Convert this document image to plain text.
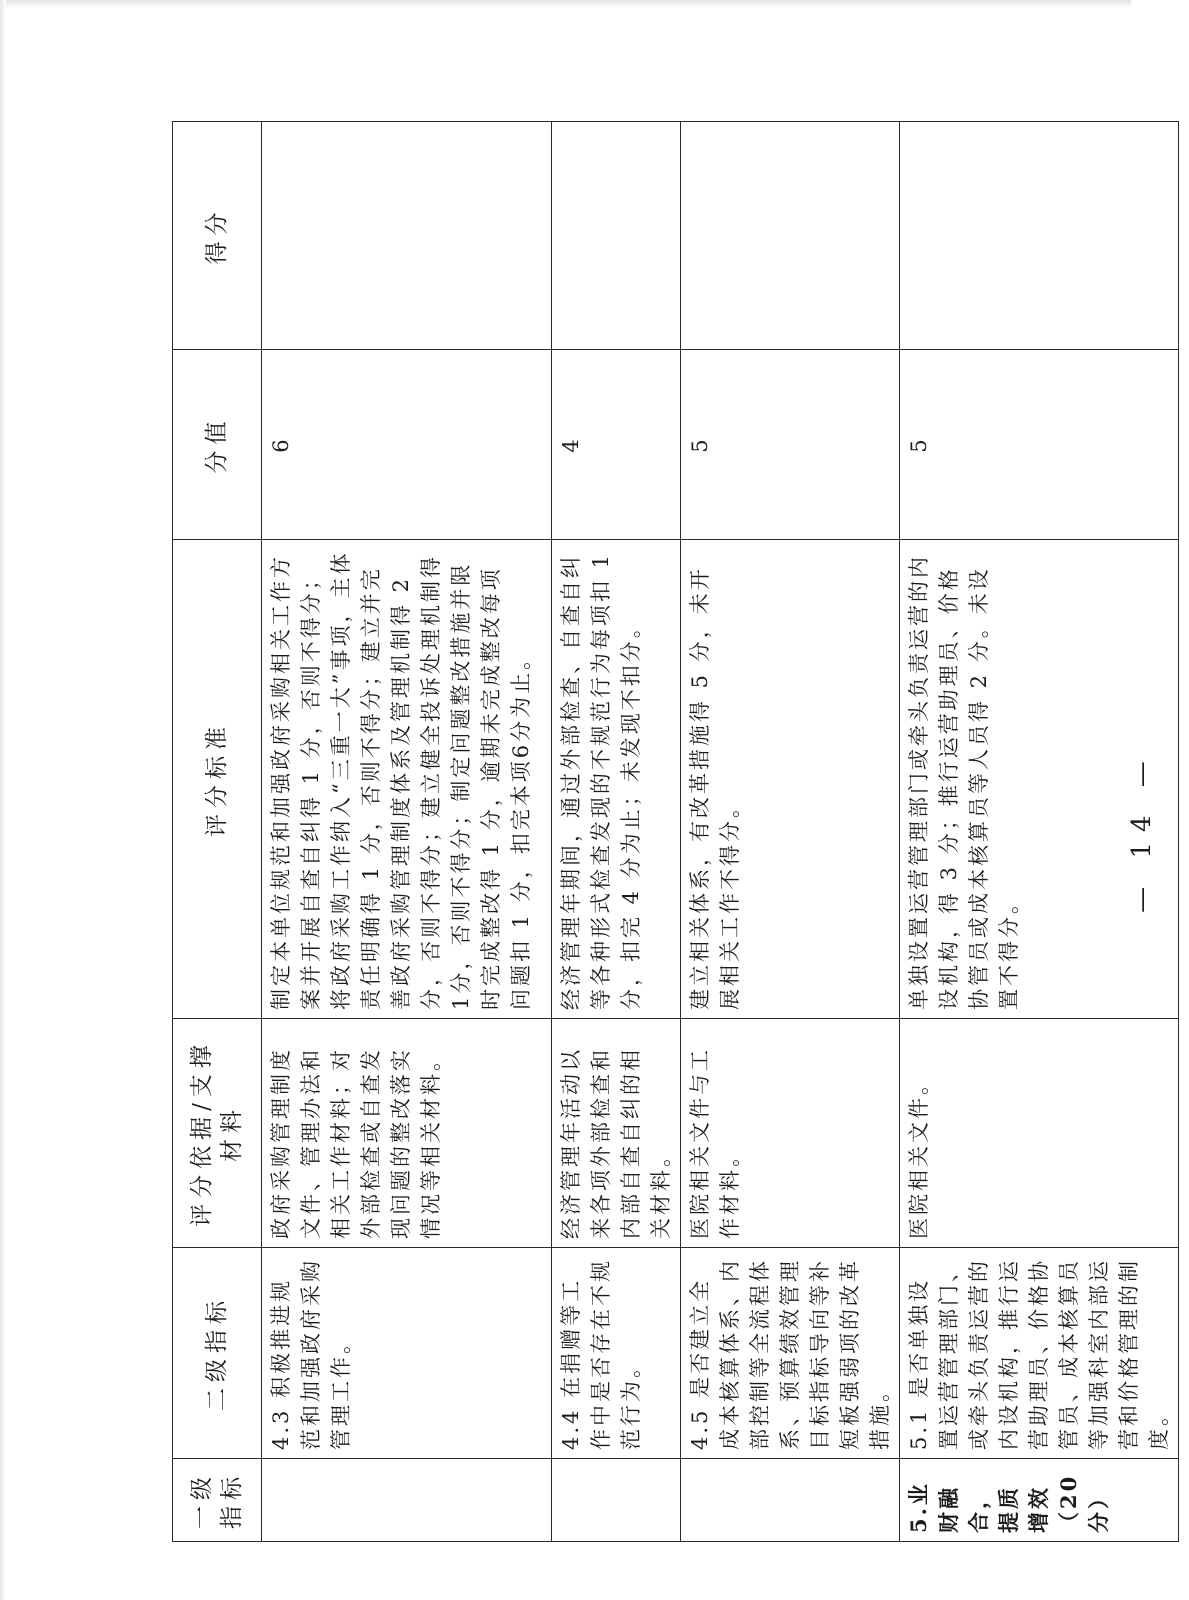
一级指标	二级指标	评分依据/支撑材料	评分标准	分值	得分
	4.3 积极推进规范和加强政府采购管理工作。	政府采购管理制度文件、管理办法和相关工作材料；对外部检查或自查发现问题的整改落实情况等相关材料。	制定本单位规范和加强政府采购相关工作方案并开展自查自纠得 1 分，否则不得分；将政府采购工作纳入“三重一大”事项，主体责任明确得 1 分，否则不得分；建立并完善政府采购管理制度体系及管理机制得 2 分，否则不得分；建立健全投诉处理机制得 1分，否则不得分；制定问题整改措施并限时完成整改得 1 分，逾期未完成整改每项问题扣 1 分，扣完本项6分为止。	6	
	4.4 在捐赠等工作中是否存在不规范行为。	经济管理年活动以来各项外部检查和内部自查自纠的相关材料。	经济管理年期间，通过外部检查、自查自纠等各种形式检查发现的不规范行为每项扣 1 分，扣完 4 分为止；未发现不扣分。	4	
	4.5 是否建立全成本核算体系、内部控制等全流程体系、预算绩效管理目标指标导向等补短板强弱项的改革措施。	医院相关文件与工作材料。	建立相关体系，有改革措施得 5 分，未开展相关工作不得分。	5	
5.业财融合，提质增效（20分）	5.1 是否单独设置运营管理部门、或牵头负责运营的内设机构，推行运营助理员、价格协管员、成本核算员等加强科室内部运营和价格管理的制度。	医院相关文件。	单独设置运营管理部门或牵头负责运营的内设机构，得 3 分；推行运营助理员、价格协管员或成本核算员等人员得 2 分。未设置不得分。	5	
— 14 —
